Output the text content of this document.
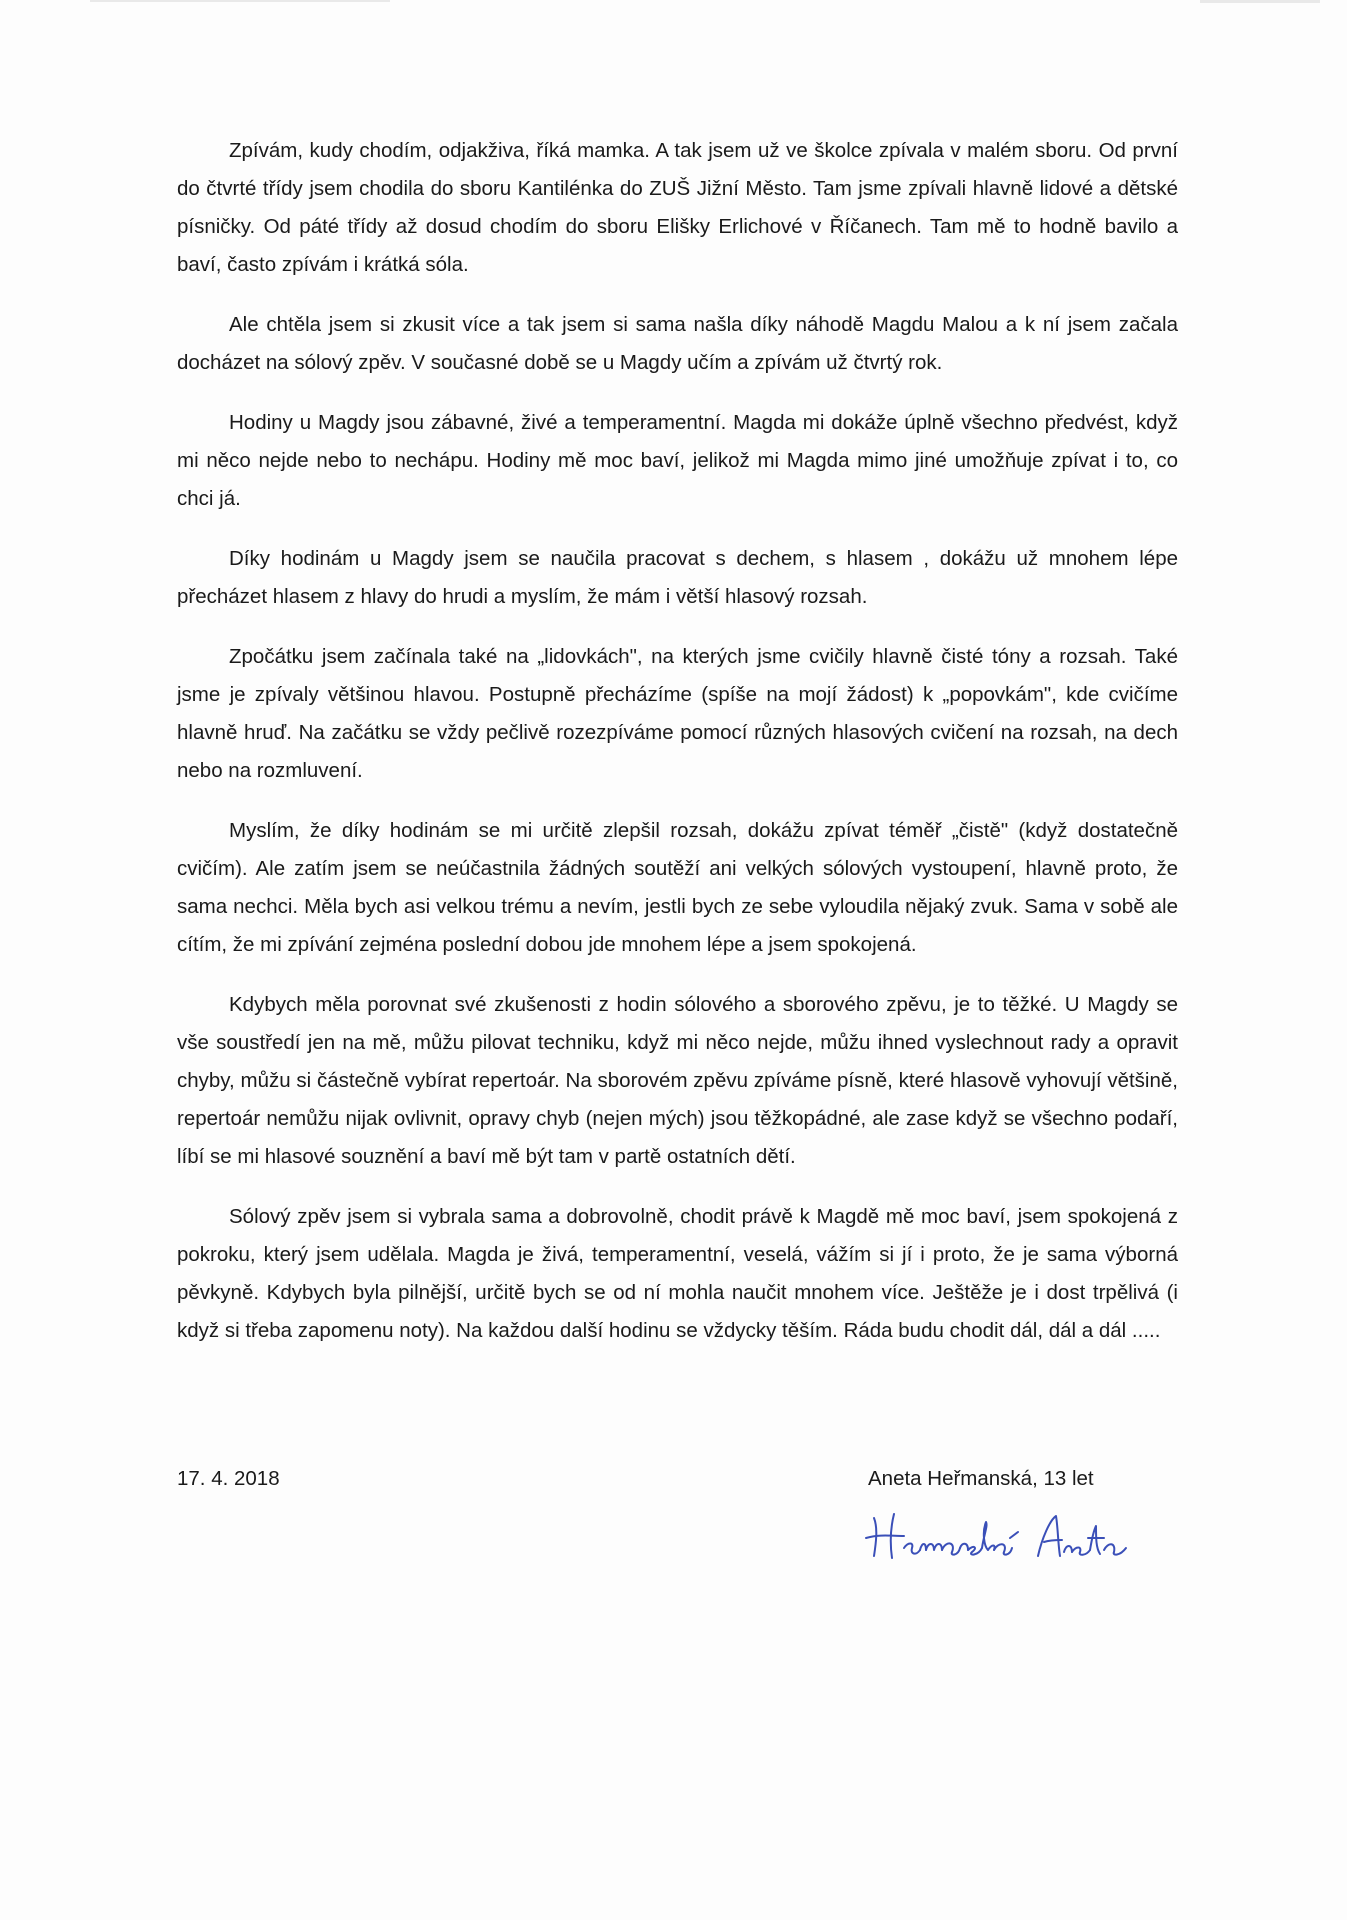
Zpívám, kudy chodím, odjakživa, říká mamka. A tak jsem už ve školce zpívala v malém sboru. Od první do čtvrté třídy jsem chodila do sboru Kantilénka do ZUŠ Jižní Město. Tam jsme zpívali hlavně lidové a dětské písničky. Od páté třídy až dosud chodím do sboru Elišky Erlichové v Říčanech. Tam mě to hodně bavilo a baví, často zpívám i krátká sóla.

Ale chtěla jsem si zkusit více a tak jsem si sama našla díky náhodě Magdu Malou a k ní jsem začala docházet na sólový zpěv. V současné době se u Magdy učím a zpívám už čtvrtý rok.

Hodiny u Magdy jsou zábavné, živé a temperamentní. Magda mi dokáže úplně všechno předvést, když mi něco nejde nebo to nechápu. Hodiny mě moc baví, jelikož mi Magda mimo jiné umožňuje zpívat i to, co chci já.

Díky hodinám u Magdy jsem se naučila pracovat s dechem, s hlasem , dokážu už mnohem lépe přecházet hlasem z hlavy do hrudi a myslím, že mám i větší hlasový rozsah.

Zpočátku jsem začínala také na „lidovkách", na kterých jsme cvičily hlavně čisté tóny a rozsah. Také jsme je zpívaly většinou hlavou. Postupně přecházíme (spíše na mojí žádost) k „popovkám", kde cvičíme hlavně hruď. Na začátku se vždy pečlivě rozezpíváme pomocí různých hlasových cvičení na rozsah, na dech nebo na rozmluvení.

Myslím, že díky hodinám se mi určitě zlepšil rozsah, dokážu zpívat téměř „čistě" (když dostatečně cvičím). Ale zatím jsem se neúčastnila žádných soutěží ani velkých sólových vystoupení, hlavně proto, že sama nechci. Měla bych asi velkou trému a nevím, jestli bych ze sebe vyloudila nějaký zvuk. Sama v sobě ale cítím, že mi zpívání zejména poslední dobou jde mnohem lépe a jsem spokojená.

Kdybych měla porovnat své zkušenosti z hodin sólového a sborového zpěvu, je to těžké. U Magdy se vše soustředí jen na mě, můžu pilovat techniku, když mi něco nejde, můžu ihned vyslechnout rady a opravit chyby, můžu si částečně vybírat repertoár. Na sborovém zpěvu zpíváme písně, které hlasově vyhovují většině, repertoár nemůžu nijak ovlivnit, opravy chyb (nejen mých) jsou těžkopádné, ale zase když se všechno podaří, líbí se mi hlasové souznění a baví mě být tam v partě ostatních dětí.

Sólový zpěv jsem si vybrala sama a dobrovolně, chodit právě k Magdě mě moc baví, jsem spokojená z pokroku, který jsem udělala. Magda je živá, temperamentní, veselá, vážím si jí i proto, že je sama výborná pěvkyně. Kdybych byla pilnější, určitě bych se od ní mohla naučit mnohem více. Ještěže je i dost trpělivá (i když si třeba zapomenu noty). Na každou další hodinu se vždycky těším. Ráda budu chodit dál, dál a dál .....

17. 4. 2018	Aneta Heřmanská, 13 let
